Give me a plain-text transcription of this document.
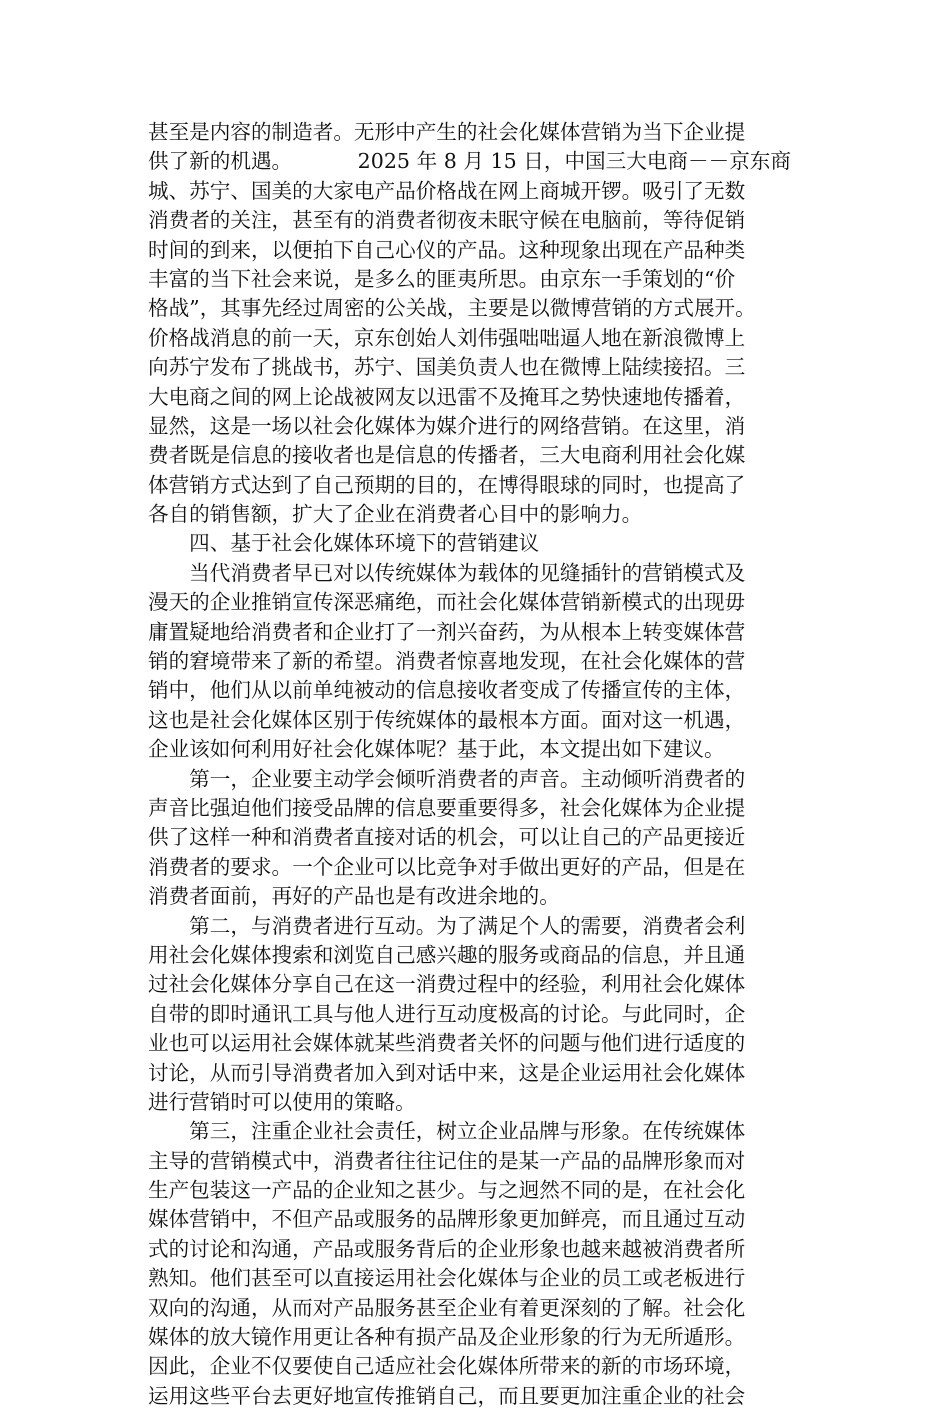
甚至是内容的制造者。无形中产生的社会化媒体营销为当下企业提
供了新的机遇。          2025 年 8 月 15 日，中国三大电商－－京东商
城、苏宁、国美的大家电产品价格战在网上商城开锣。吸引了无数
消费者的关注，甚至有的消费者彻夜未眠守候在电脑前，等待促销
时间的到来，以便拍下自己心仪的产品。这种现象出现在产品种类
丰富的当下社会来说，是多么的匪夷所思。由京东一手策划的“价
格战”，其事先经过周密的公关战，主要是以微博营销的方式展开。
价格战消息的前一天，京东创始人刘伟强咄咄逼人地在新浪微博上
向苏宁发布了挑战书，苏宁、国美负责人也在微博上陆续接招。三
大电商之间的网上论战被网友以迅雷不及掩耳之势快速地传播着，
显然，这是一场以社会化媒体为媒介进行的网络营销。在这里，消
费者既是信息的接收者也是信息的传播者，三大电商利用社会化媒
体营销方式达到了自己预期的目的，在博得眼球的同时，也提高了
各自的销售额，扩大了企业在消费者心目中的影响力。
　　四、基于社会化媒体环境下的营销建议
　　当代消费者早已对以传统媒体为载体的见缝插针的营销模式及
漫天的企业推销宣传深恶痛绝，而社会化媒体营销新模式的出现毋
庸置疑地给消费者和企业打了一剂兴奋药，为从根本上转变媒体营
销的窘境带来了新的希望。消费者惊喜地发现，在社会化媒体的营
销中，他们从以前单纯被动的信息接收者变成了传播宣传的主体，
这也是社会化媒体区别于传统媒体的最根本方面。面对这一机遇，
企业该如何利用好社会化媒体呢？基于此，本文提出如下建议。
　　第一，企业要主动学会倾听消费者的声音。主动倾听消费者的
声音比强迫他们接受品牌的信息要重要得多，社会化媒体为企业提
供了这样一种和消费者直接对话的机会，可以让自己的产品更接近
消费者的要求。一个企业可以比竞争对手做出更好的产品，但是在
消费者面前，再好的产品也是有改进余地的。
　　第二，与消费者进行互动。为了满足个人的需要，消费者会利
用社会化媒体搜索和浏览自己感兴趣的服务或商品的信息，并且通
过社会化媒体分享自己在这一消费过程中的经验，利用社会化媒体
自带的即时通讯工具与他人进行互动度极高的讨论。与此同时，企
业也可以运用社会媒体就某些消费者关怀的问题与他们进行适度的
讨论，从而引导消费者加入到对话中来，这是企业运用社会化媒体
进行营销时可以使用的策略。
　　第三，注重企业社会责任，树立企业品牌与形象。在传统媒体
主导的营销模式中，消费者往往记住的是某一产品的品牌形象而对
生产包装这一产品的企业知之甚少。与之迥然不同的是，在社会化
媒体营销中，不但产品或服务的品牌形象更加鲜亮，而且通过互动
式的讨论和沟通，产品或服务背后的企业形象也越来越被消费者所
熟知。他们甚至可以直接运用社会化媒体与企业的员工或老板进行
双向的沟通，从而对产品服务甚至企业有着更深刻的了解。社会化
媒体的放大镜作用更让各种有损产品及企业形象的行为无所遁形。
因此，企业不仅要使自己适应社会化媒体所带来的新的市场环境，
运用这些平台去更好地宣传推销自己，而且要更加注重企业的社会
